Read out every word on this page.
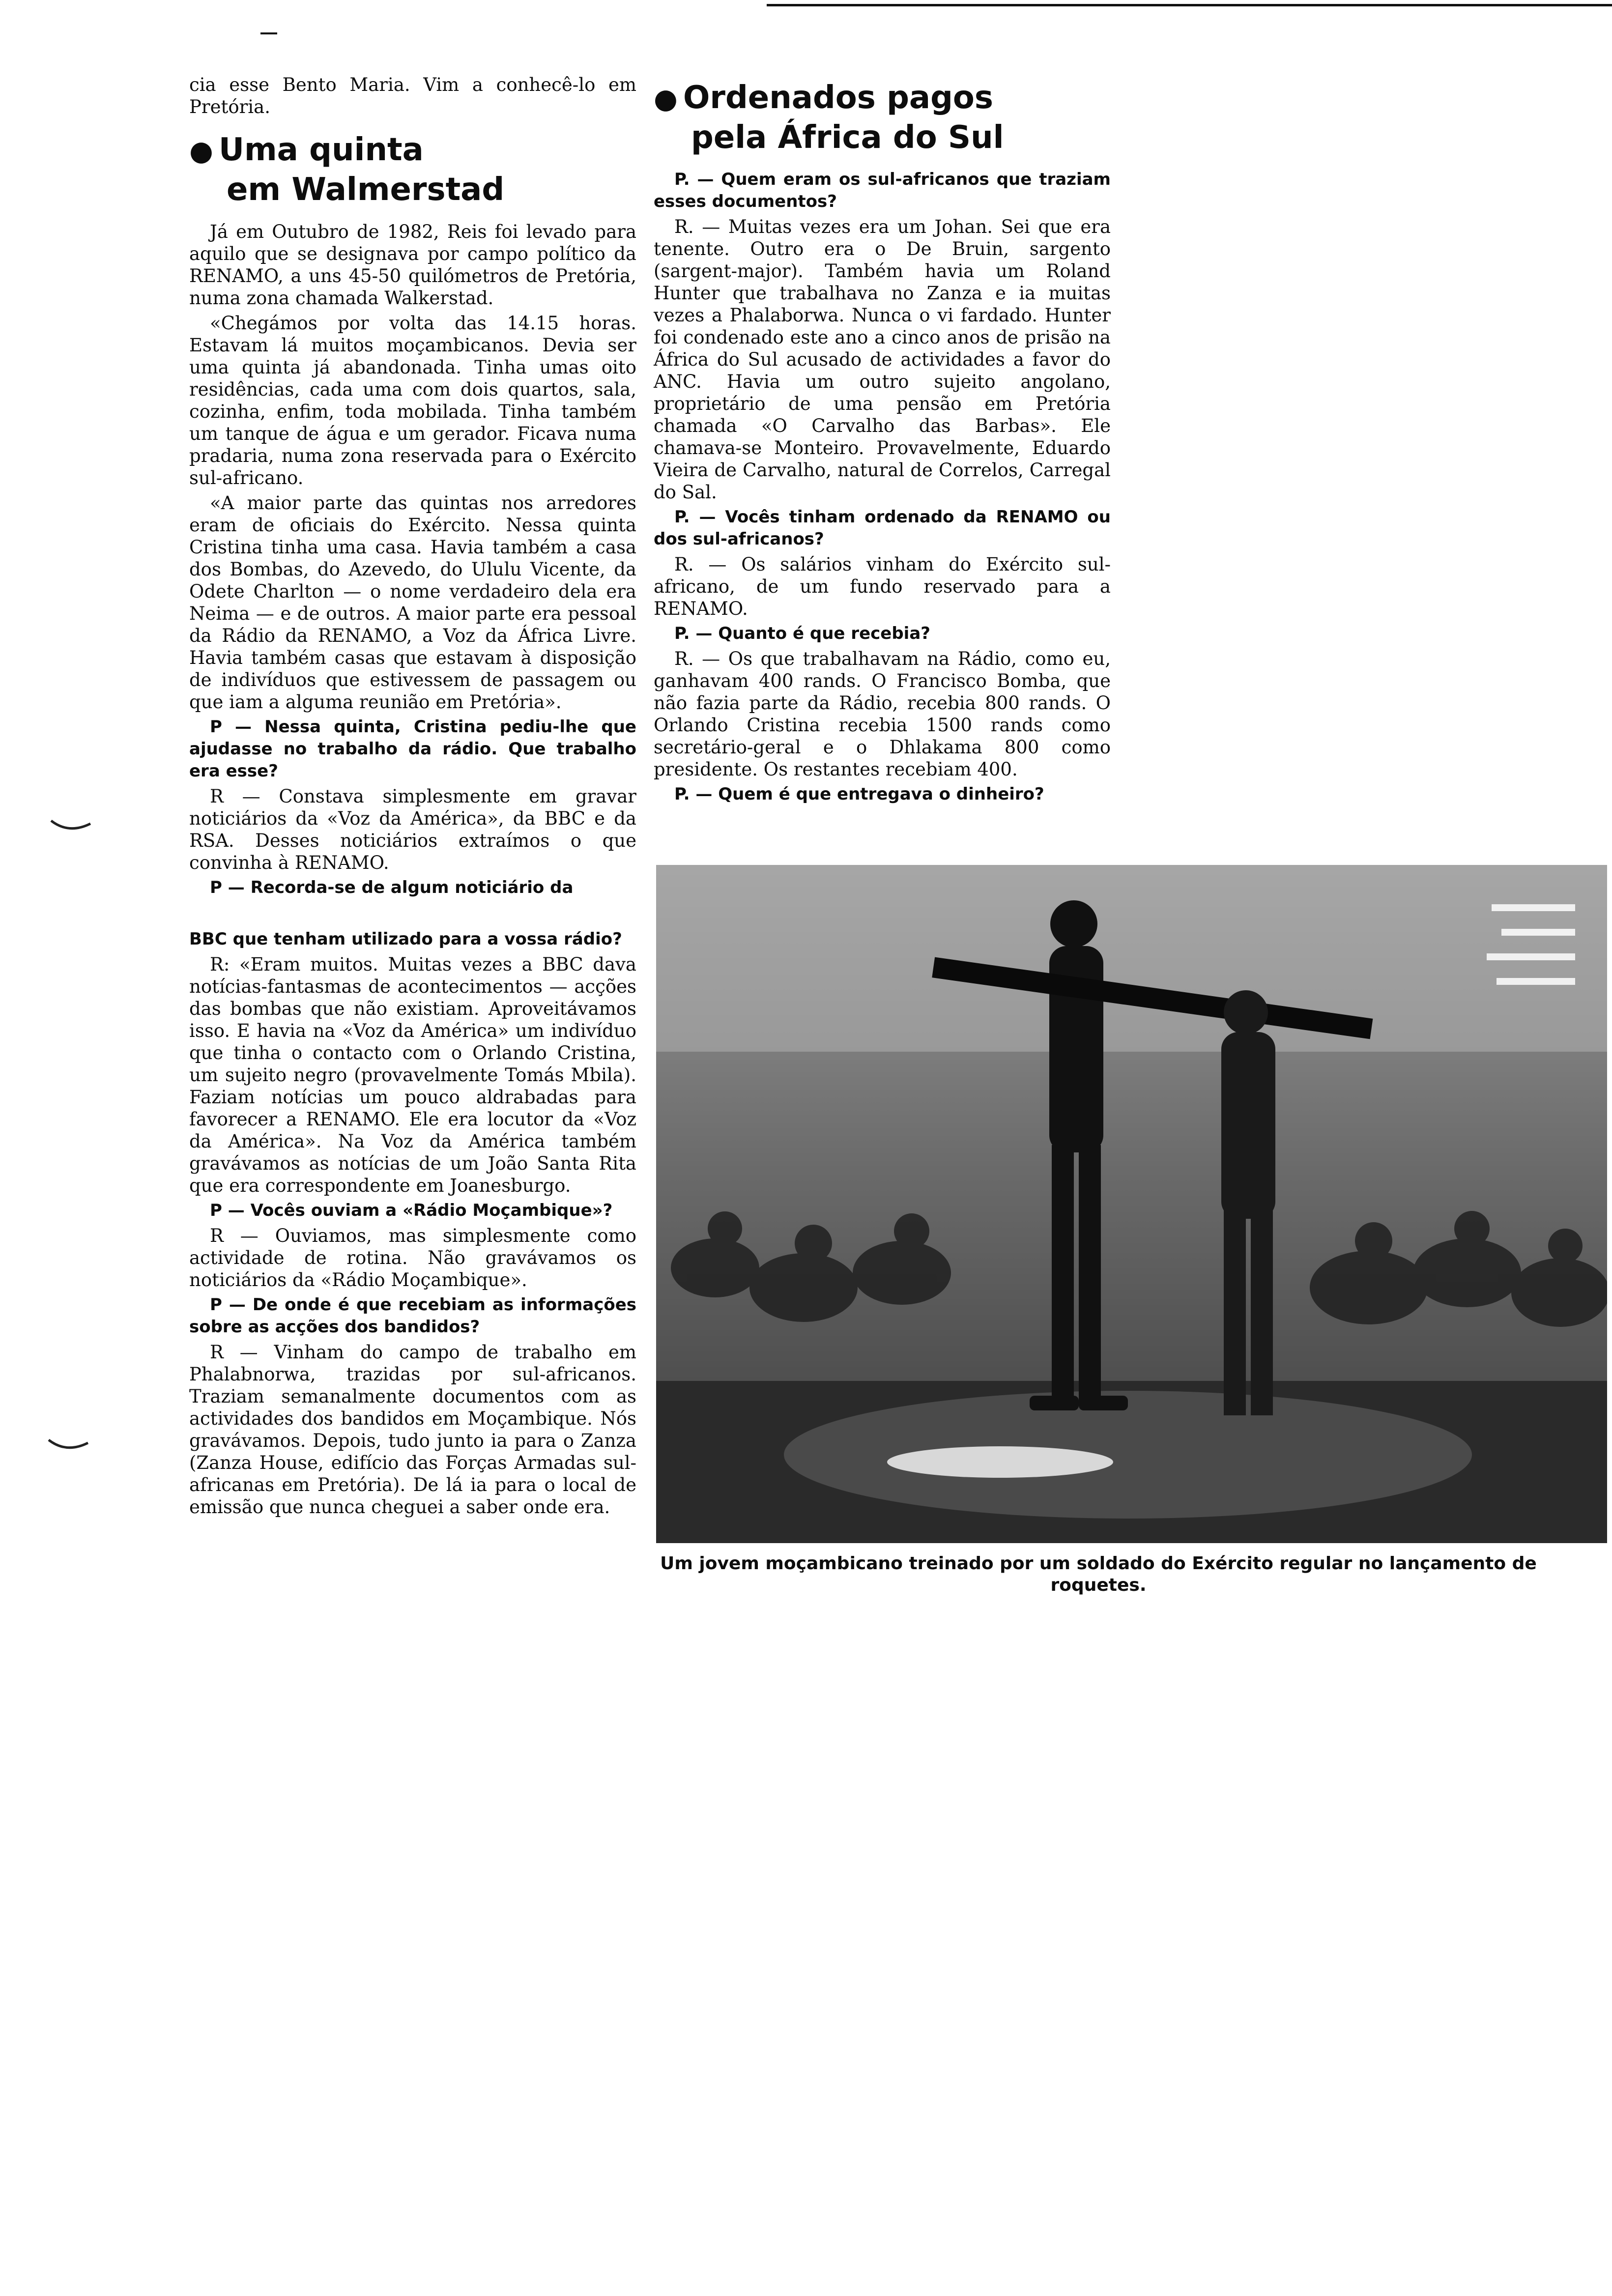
cia esse Bento Maria. Vim a conhecê-lo em Pretória.

● Uma quinta
em Walmerstad

Já em Outubro de 1982, Reis foi levado para aquilo que se designava por campo político da RENAMO, a uns 45-50 quilómetros de Pretória, numa zona chamada Walkerstad.

«Chegámos por volta das 14.15 horas. Estavam lá muitos moçambicanos. Devia ser uma quinta já abandonada. Tinha umas oito residências, cada uma com dois quartos, sala, cozinha, enfim, toda mobilada. Tinha também um tanque de água e um gerador. Ficava numa pradaria, numa zona reservada para o Exército sul-africano.

«A maior parte das quintas nos arredores eram de oficiais do Exército. Nessa quinta Cristina tinha uma casa. Havia também a casa dos Bombas, do Azevedo, do Ululu Vicente, da Odete Charlton — o nome verdadeiro dela era Neima — e de outros. A maior parte era pessoal da Rádio da RENAMO, a Voz da África Livre. Havia também casas que estavam à disposição de indivíduos que estivessem de passagem ou que iam a alguma reunião em Pretória».

P — Nessa quinta, Cristina pediu-lhe que ajudasse no trabalho da rádio. Que trabalho era esse?

R — Constava simplesmente em gravar noticiários da «Voz da América», da BBC e da RSA. Desses noticiários extraímos o que convinha à RENAMO.

P — Recorda-se de algum noticiário da

BBC que tenham utilizado para a vossa rádio?

R: «Eram muitos. Muitas vezes a BBC dava notícias-fantasmas de acontecimentos — acções das bombas que não existiam. Aproveitávamos isso. E havia na «Voz da América» um indivíduo que tinha o contacto com o Orlando Cristina, um sujeito negro (provavelmente Tomás Mbila). Faziam notícias um pouco aldrabadas para favorecer a RENAMO. Ele era locutor da «Voz da América». Na Voz da América também gravávamos as notícias de um João Santa Rita que era correspondente em Joanesburgo.

P — Vocês ouviam a «Rádio Moçambique»?

R — Ouviamos, mas simplesmente como actividade de rotina. Não gravávamos os noticiários da «Rádio Moçambique».

P — De onde é que recebiam as informações sobre as acções dos bandidos?

R — Vinham do campo de trabalho em Phalabnorwa, trazidas por sul-africanos. Traziam semanalmente documentos com as actividades dos bandidos em Moçambique. Nós gravávamos. Depois, tudo junto ia para o Zanza (Zanza House, edifício das Forças Armadas sul-africanas em Pretória). De lá ia para o local de emissão que nunca cheguei a saber onde era.

● Ordenados pagos
pela África do Sul

P. — Quem eram os sul-africanos que traziam esses documentos?

R. — Muitas vezes era um Johan. Sei que era tenente. Outro era o De Bruin, sargento (sargent-major). Também havia um Roland Hunter que trabalhava no Zanza e ia muitas vezes a Phalaborwa. Nunca o vi fardado. Hunter foi condenado este ano a cinco anos de prisão na África do Sul acusado de actividades a favor do ANC. Havia um outro sujeito angolano, proprietário de uma pensão em Pretória chamada «O Carvalho das Barbas». Ele chamava-se Monteiro. Provavelmente, Eduardo Vieira de Carvalho, natural de Correlos, Carregal do Sal.

P. — Vocês tinham ordenado da RENAMO ou dos sul-africanos?

R. — Os salários vinham do Exército sul-africano, de um fundo reservado para a RENAMO.

P. — Quanto é que recebia?

R. — Os que trabalhavam na Rádio, como eu, ganhavam 400 rands. O Francisco Bomba, que não fazia parte da Rádio, recebia 800 rands. O Orlando Cristina recebia 1500 rands como secretário-geral e o Dhlakama 800 como presidente. Os restantes recebiam 400.

P. — Quem é que entregava o dinheiro?

Um jovem moçambicano treinado por um soldado do Exército regular no lançamento de roquetes.
